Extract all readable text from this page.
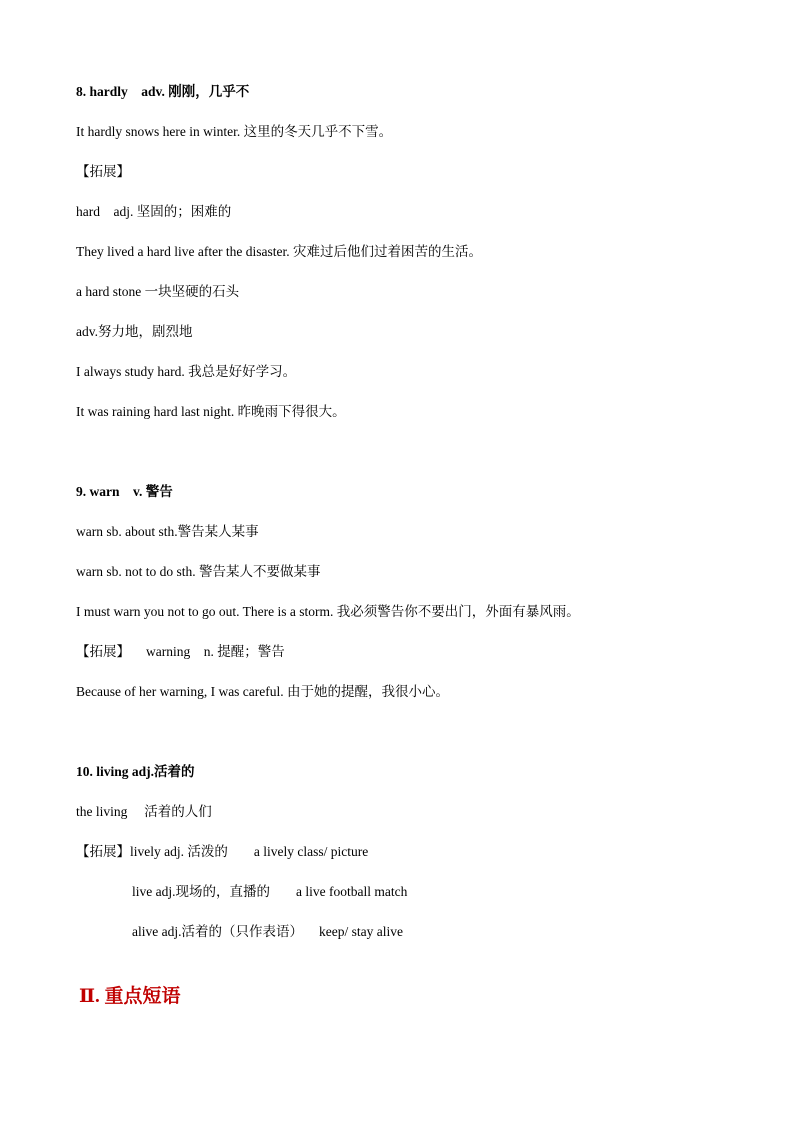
8. hardly　adv. 刚刚，几乎不
It hardly snows here in winter. 这里的冬天几乎不下雪。
【拓展】
hard　adj. 坚固的；困难的
They lived a hard live after the disaster. 灾难过后他们过着困苦的生活。
a hard stone 一块坚硬的石头
adv.努力地，剧烈地
I always study hard. 我总是好好学习。
It was raining hard last night. 昨晚雨下得很大。
9. warn　v. 警告
warn sb. about sth.警告某人某事
warn sb. not to do sth. 警告某人不要做某事
I must warn you not to go out. There is a storm. 我必须警告你不要出门，外面有暴风雨。
【拓展】 warning　n. 提醒；警告
Because of her warning, I was careful. 由于她的提醒，我很小心。
10. living adj.活着的
the living　 活着的人们
【拓展】lively adj. 活泼的 a lively class/ picture
live adj.现场的，直播的 a live football match
alive adj.活着的（只作表语） keep/ stay alive
Ⅱ. 重点短语
